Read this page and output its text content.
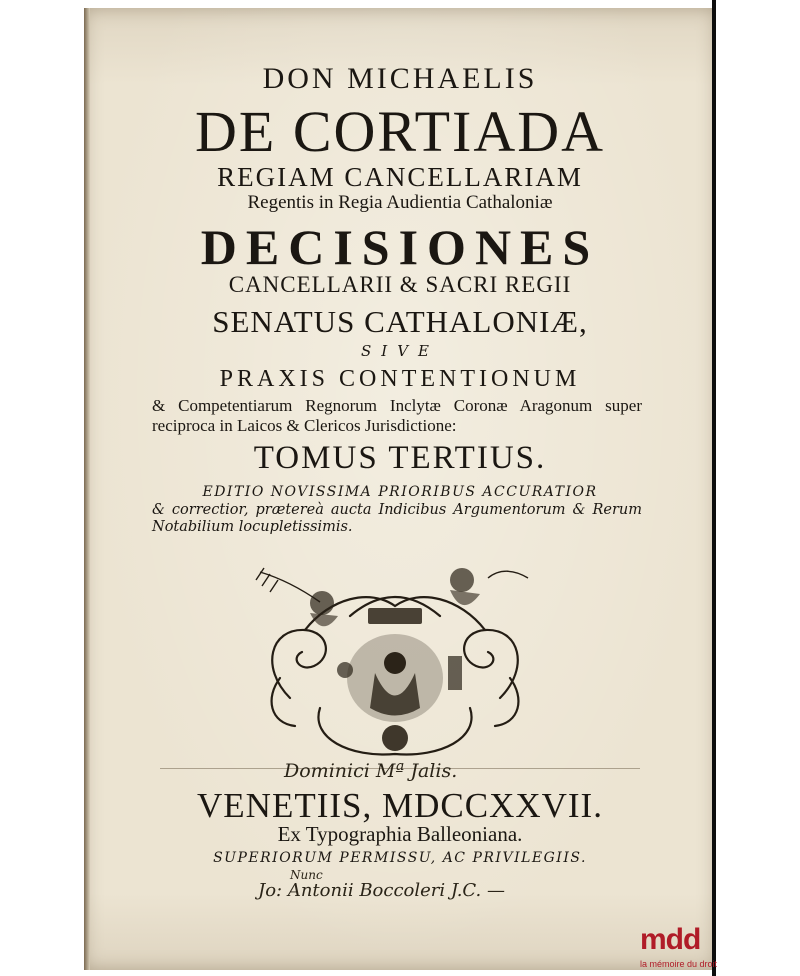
DON MICHAELIS
DE CORTIADA
REGIAM CANCELLARIAM
Regentis in Regia Audientia Cathaloniæ
DECISIONES
CANCELLARII & SACRI REGII
SENATUS CATHALONIÆ,
SIVE
PRAXIS CONTENTIONUM
& Competentiarum Regnorum Inclytæ Coronæ Aragonum super reciproca in Laicos & Clericos Jurisdictione:
TOMUS TERTIUS.
EDITIO NOVISSIMA PRIORIBUS ACCURATIOR
& correctior, prætereà aucta Indicibus Argumentorum & Rerum Notabilium locupletissimis.
Dominici Mª Jalis.
VENETIIS, MDCCXXVII.
Ex Typographia Balleoniana.
SUPERIORUM PERMISSU, AC PRIVILEGIIS.
Nunc
Jo: Antonii Boccoleri J.C. —
mdd
la mémoire du droit
